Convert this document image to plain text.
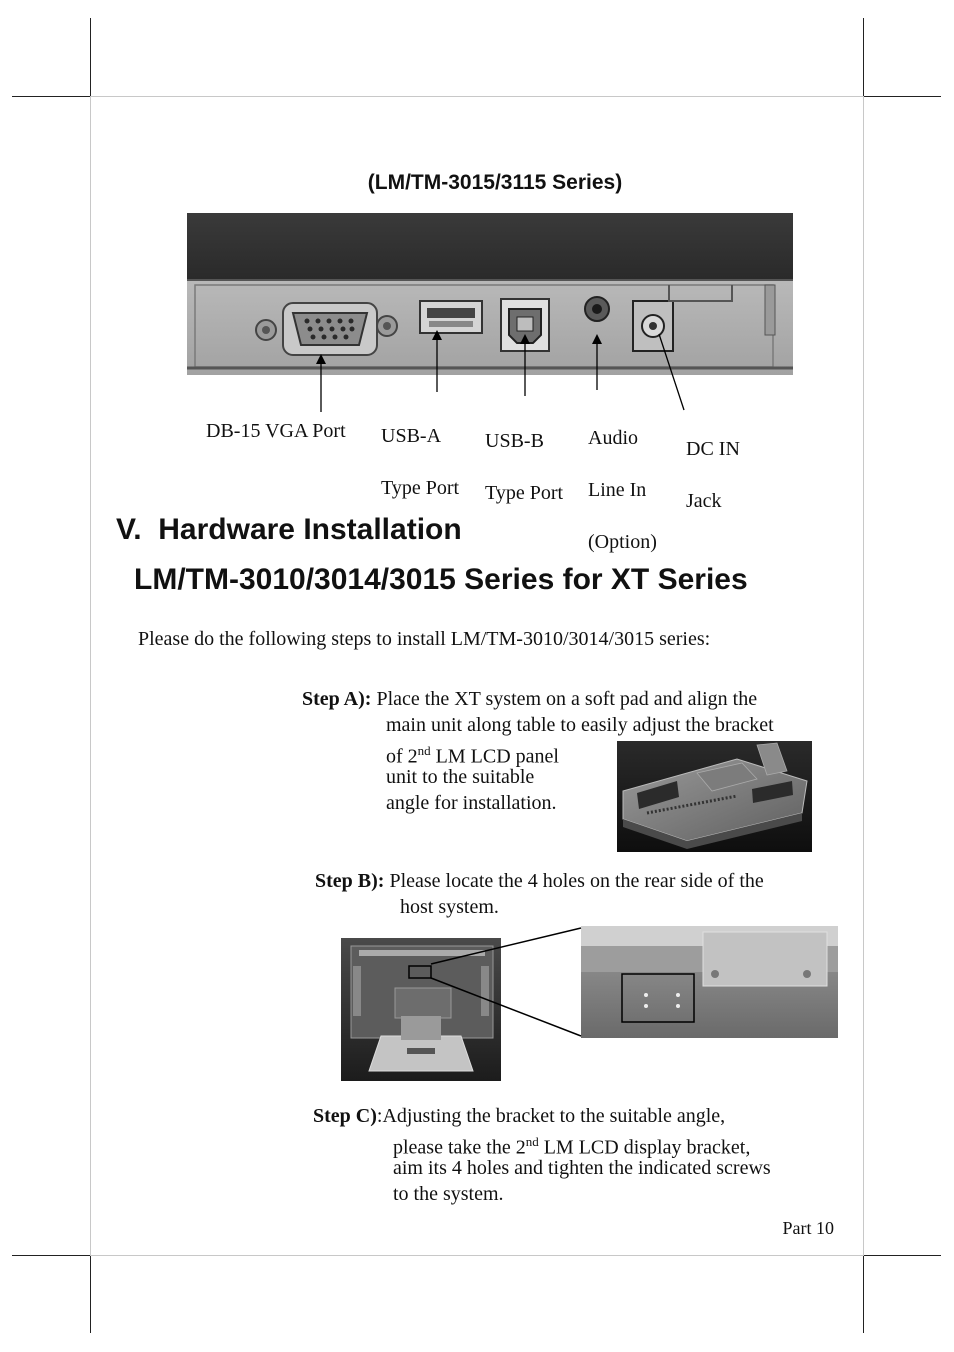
(LM/TM-3015/3115 Series)
DB-15 VGA Port USB-A

Type Port

USB-B

Type Port

Audio

Line In

(Option)

DC IN

Jack

V.  Hardware Installation
LM/TM-3010/3014/3015 Series for XT Series
Please do the following steps to install LM/TM-3010/3014/3015 series:
Step A): Place the XT system on a soft pad and align the
main unit along table to easily adjust the bracket
of 2nd LM LCD panel
unit to the suitable
angle for installation.
Step B): Please locate the 4 holes on the rear side of the
host system.
Step C):Adjusting the bracket to the suitable angle,
please take the 2nd LM LCD display bracket,
aim its 4 holes and tighten the indicated screws
to the system.
Part 10
